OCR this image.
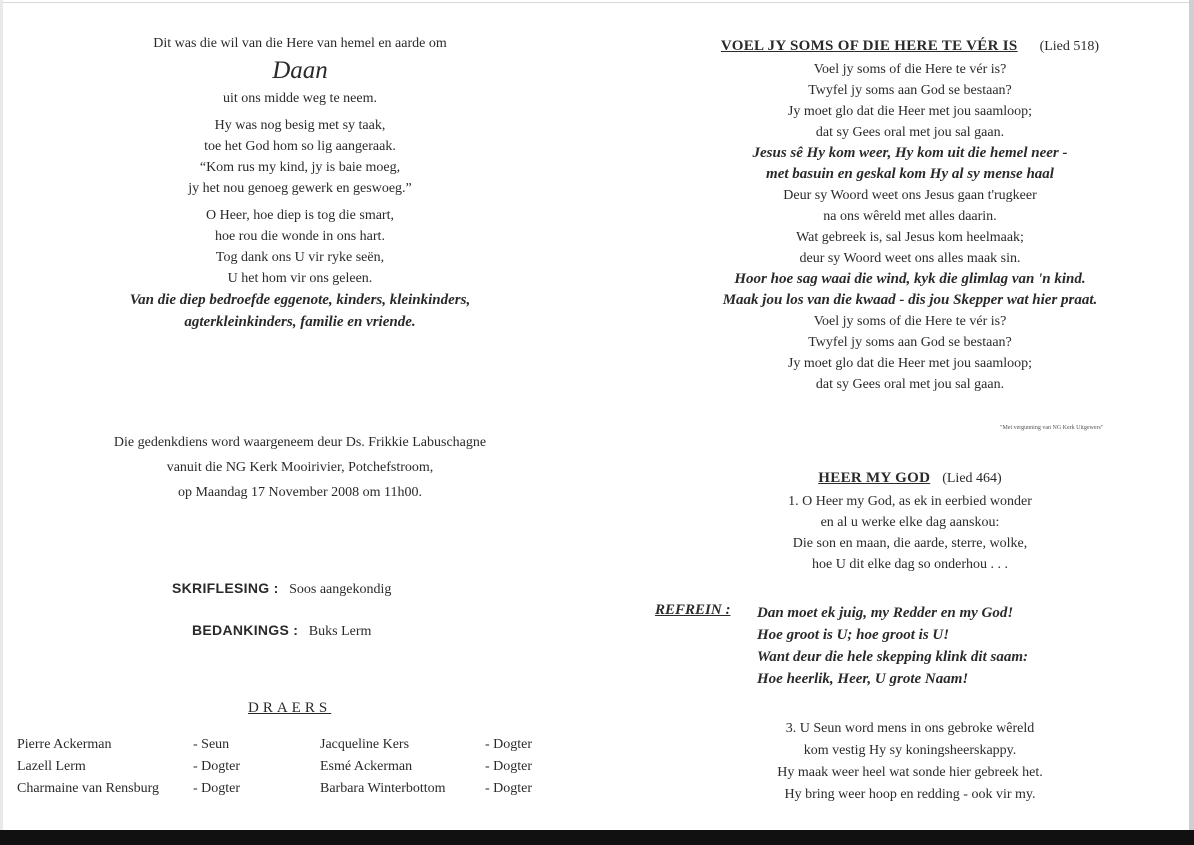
Dit was die wil van die Here van hemel en aarde om
Daan
uit ons midde weg te neem.
Hy was nog besig met sy taak,
toe het God hom so lig aangeraak.
“Kom rus my kind, jy is baie moeg,
jy het nou genoeg gewerk en geswoeg.”
O Heer, hoe diep is tog die smart,
hoe rou die wonde in ons hart.
Tog dank ons U vir ryke seën,
U het hom vir ons geleen.
Van die diep bedroefde eggenote, kinders, kleinkinders,
agterkleinkinders, familie en vriende.
Die gedenkdiens word waargeneem deur Ds. Frikkie Labuschagne
vanuit die NG Kerk Mooirivier, Potchefstroom,
op Maandag 17 November 2008 om 11h00.
SKRIFLESING : Soos aangekondig
BEDANKINGS : Buks Lerm
DRAERS
Pierre Ackerman	- Seun	Jacqueline Kers	- Dogter
Lazell Lerm	- Dogter	Esmé Ackerman	- Dogter
Charmaine van Rensburg - Dogter	Barbara Winterbottom	- Dogter
VOEL JY SOMS OF DIE HERE TE VÉR IS (Lied 518)
Voel jy soms of die Here te vér is?
Twyfel jy soms aan God se bestaan?
Jy moet glo dat die Heer met jou saamloop;
dat sy Gees oral met jou sal gaan.
Jesus sê Hy kom weer, Hy kom uit die hemel neer -
met basuin en geskal kom Hy al sy mense haal
Deur sy Woord weet ons Jesus gaan t'rugkeer
na ons wêreld met alles daarin.
Wat gebreek is, sal Jesus kom heelmaak;
deur sy Woord weet ons alles maak sin.
Hoor hoe sag waai die wind, kyk die glimlag van 'n kind.
Maak jou los van die kwaad - dis jou Skepper wat hier praat.
Voel jy soms of die Here te vér is?
Twyfel jy soms aan God se bestaan?
Jy moet glo dat die Heer met jou saamloop;
dat sy Gees oral met jou sal gaan.
"Met vergunning van NG Kerk Uitgewers"
HEER MY GOD (Lied 464)
1. O Heer my God, as ek in eerbied wonder
en al u werke elke dag aanskou:
Die son en maan, die aarde, sterre, wolke,
hoe U dit elke dag so onderhou . . .
REFREIN : Dan moet ek juig, my Redder en my God!
Hoe groot is U; hoe groot is U!
Want deur die hele skepping klink dit saam:
Hoe heerlik, Heer, U grote Naam!
3. U Seun word mens in ons gebroke wêreld
kom vestig Hy sy koningsheerskappy.
Hy maak weer heel wat sonde hier gebreek het.
Hy bring weer hoop en redding - ook vir my.
